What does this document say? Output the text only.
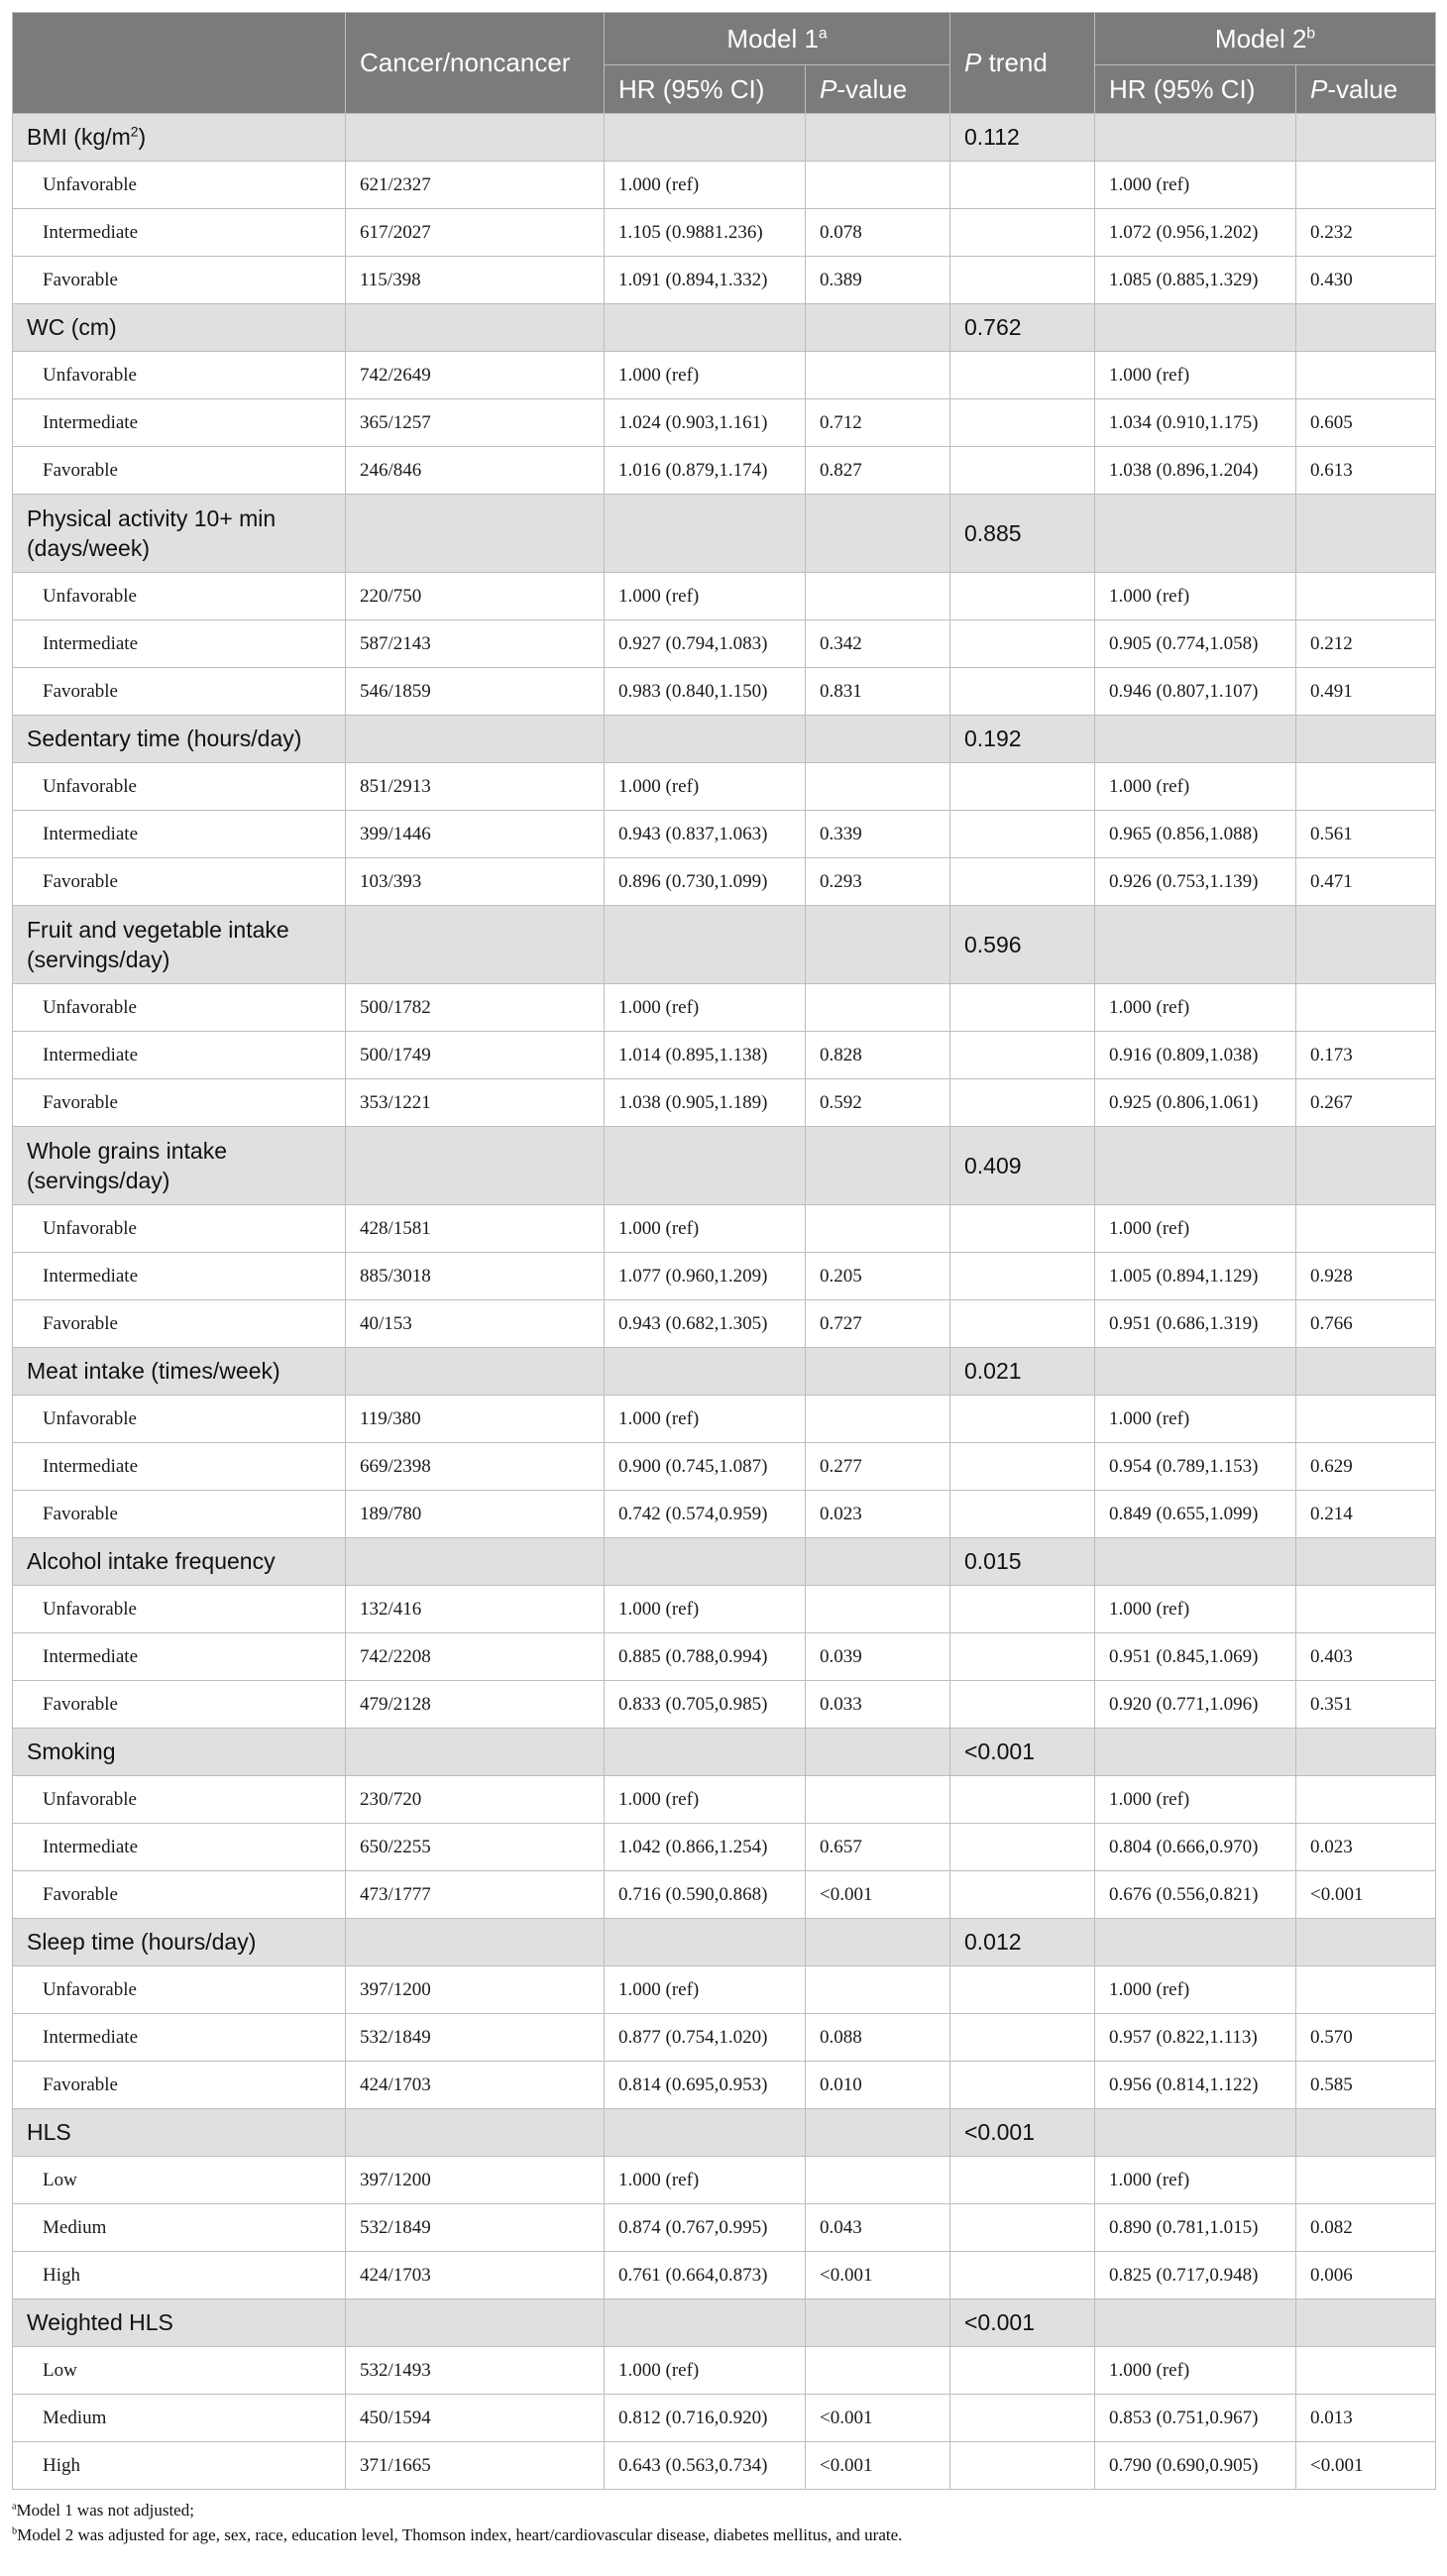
	Cancer/noncancer	Model 1$^a$		P trend	Model 2$^b$
		HR (95% CI)	P-value		HR (95% CI)	P-value
BMI $(kg/m^2)$				0.112		
Unfavorable	621/2327	1.000 (ref)			1.000 (ref)	
Intermediate	617/2027	1.105 (0.9881.236)	0.078		1.072 (0.956,1.202)	0.232
Favorable	115/398	1.091 (0.894,1.332)	0.389		1.085 (0.885,1.329)	0.430
WC (cm)				0.762		
Unfavorable	742/2649	1.000 (ref)			1.000 (ref)	
Intermediate	365/1257	1.024 (0.903,1.161)	0.712		1.034 (0.910,1.175)	0.605
Favorable	246/846	1.016 (0.879,1.174)	0.827		1.038 (0.896,1.204)	0.613
Physical activity 10+ min (days/week)				0.885		
Unfavorable	220/750	1.000 (ref)			1.000 (ref)	
Intermediate	587/2143	0.927 (0.794,1.083)	0.342		0.905 (0.774,1.058)	0.212
Favorable	546/1859	0.983 (0.840,1.150)	0.831		0.946 (0.807,1.107)	0.491
Sedentary time (hours/day)				0.192		
Unfavorable	851/2913	1.000 (ref)			1.000 (ref)	
Intermediate	399/1446	0.943 (0.837,1.063)	0.339		0.965 (0.856,1.088)	0.561
Favorable	103/393	0.896 (0.730,1.099)	0.293		0.926 (0.753,1.139)	0.471
Fruit and vegetable intake (servings/day)				0.596		
Unfavorable	500/1782	1.000 (ref)			1.000 (ref)	
Intermediate	500/1749	1.014 (0.895,1.138)	0.828		0.916 (0.809,1.038)	0.173
Favorable	353/1221	1.038 (0.905,1.189)	0.592		0.925 (0.806,1.061)	0.267
Whole grains intake (servings/day)				0.409		
Unfavorable	428/1581	1.000 (ref)			1.000 (ref)	
Intermediate	885/3018	1.077 (0.960,1.209)	0.205		1.005 (0.894,1.129)	0.928
Favorable	40/153	0.943 (0.682,1.305)	0.727		0.951 (0.686,1.319)	0.766
Meat intake (times/week)				0.021		
Unfavorable	119/380	1.000 (ref)			1.000 (ref)	
Intermediate	669/2398	0.900 (0.745,1.087)	0.277		0.954 (0.789,1.153)	0.629
Favorable	189/780	0.742 (0.574,0.959)	0.023		0.849 (0.655,1.099)	0.214
Alcohol intake frequency				0.015		
Unfavorable	132/416	1.000 (ref)			1.000 (ref)	
Intermediate	742/2208	0.885 (0.788,0.994)	0.039		0.951 (0.845,1.069)	0.403
Favorable	479/2128	0.833 (0.705,0.985)	0.033		0.920 (0.771,1.096)	0.351
Smoking				<0.001		
Unfavorable	230/720	1.000 (ref)			1.000 (ref)	
Intermediate	650/2255	1.042 (0.866,1.254)	0.657		0.804 (0.666,0.970)	0.023
Favorable	473/1777	0.716 (0.590,0.868)	<0.001		0.676 (0.556,0.821)	<0.001
Sleep time (hours/day)				0.012		
Unfavorable	397/1200	1.000 (ref)			1.000 (ref)	
Intermediate	532/1849	0.877 (0.754,1.020)	0.088		0.957 (0.822,1.113)	0.570
Favorable	424/1703	0.814 (0.695,0.953)	0.010		0.956 (0.814,1.122)	0.585
HLS				<0.001		
Low	397/1200	1.000 (ref)			1.000 (ref)	
Medium	532/1849	0.874 (0.767,0.995)	0.043		0.890 (0.781,1.015)	0.082
High	424/1703	0.761 (0.664,0.873)	<0.001		0.825 (0.717,0.948)	0.006
Weighted HLS				<0.001		
Low	532/1493	1.000 (ref)			1.000 (ref)	
Medium	450/1594	0.812 (0.716,0.920)	<0.001		0.853 (0.751,0.967)	0.013
High	371/1665	0.643 (0.563,0.734)	<0.001		0.790 (0.690,0.905)	<0.001
$^a$Model 1 was not adjusted;
$^b$Model 2 was adjusted for age, sex, race, education level, Thomson index, heart/cardiovascular disease, diabetes mellitus, and urate.
